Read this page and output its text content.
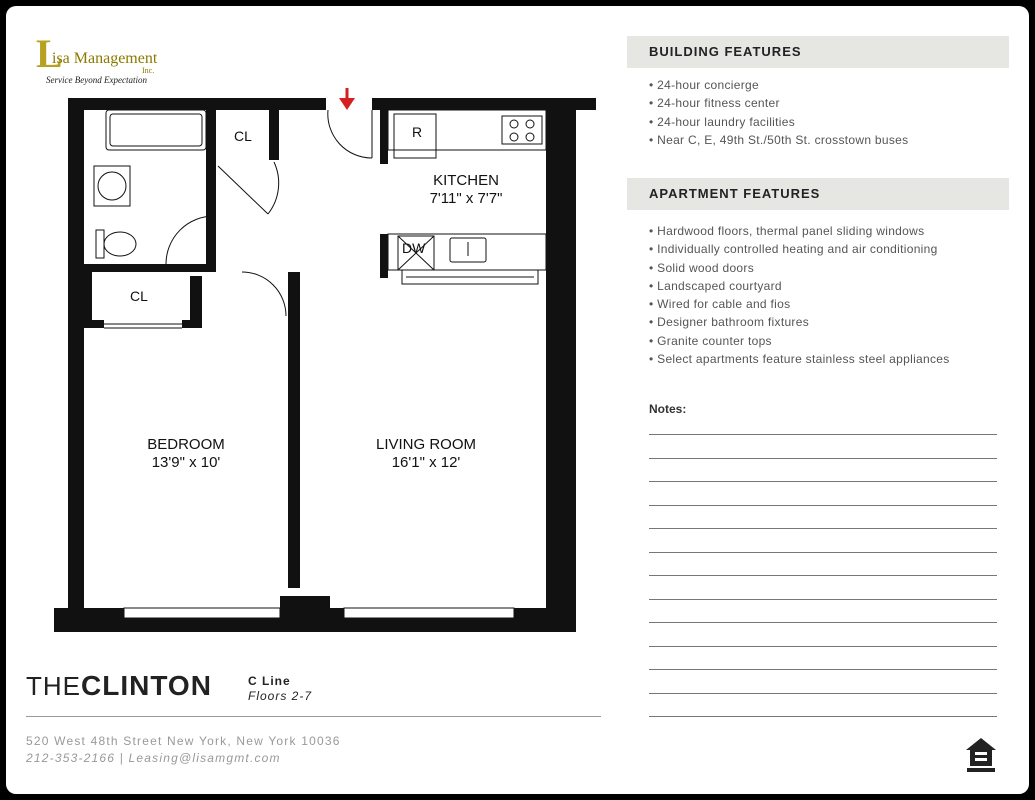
L
isa Management
Inc.
Service Beyond Expectation
CL
CL
R
DW
KITCHEN
7'11" x 7'7"
BEDROOM
13'9" x 10'
LIVING ROOM
16'1" x 12'
BUILDING FEATURES
• 24-hour concierge
• 24-hour fitness center
• 24-hour laundry facilities
• Near C, E, 49th St./50th St. crosstown buses
APARTMENT FEATURES
• Hardwood floors, thermal panel sliding windows
• Individually controlled heating and air conditioning
• Solid wood doors
• Landscaped courtyard
• Wired for cable and fios
• Designer bathroom fixtures
• Granite counter tops
• Select apartments feature stainless steel appliances
Notes:
THECLINTON	C Line
Floors 2-7
520 West 48th Street New York, New York 10036
212-353-2166 | Leasing@lisamgmt.com
